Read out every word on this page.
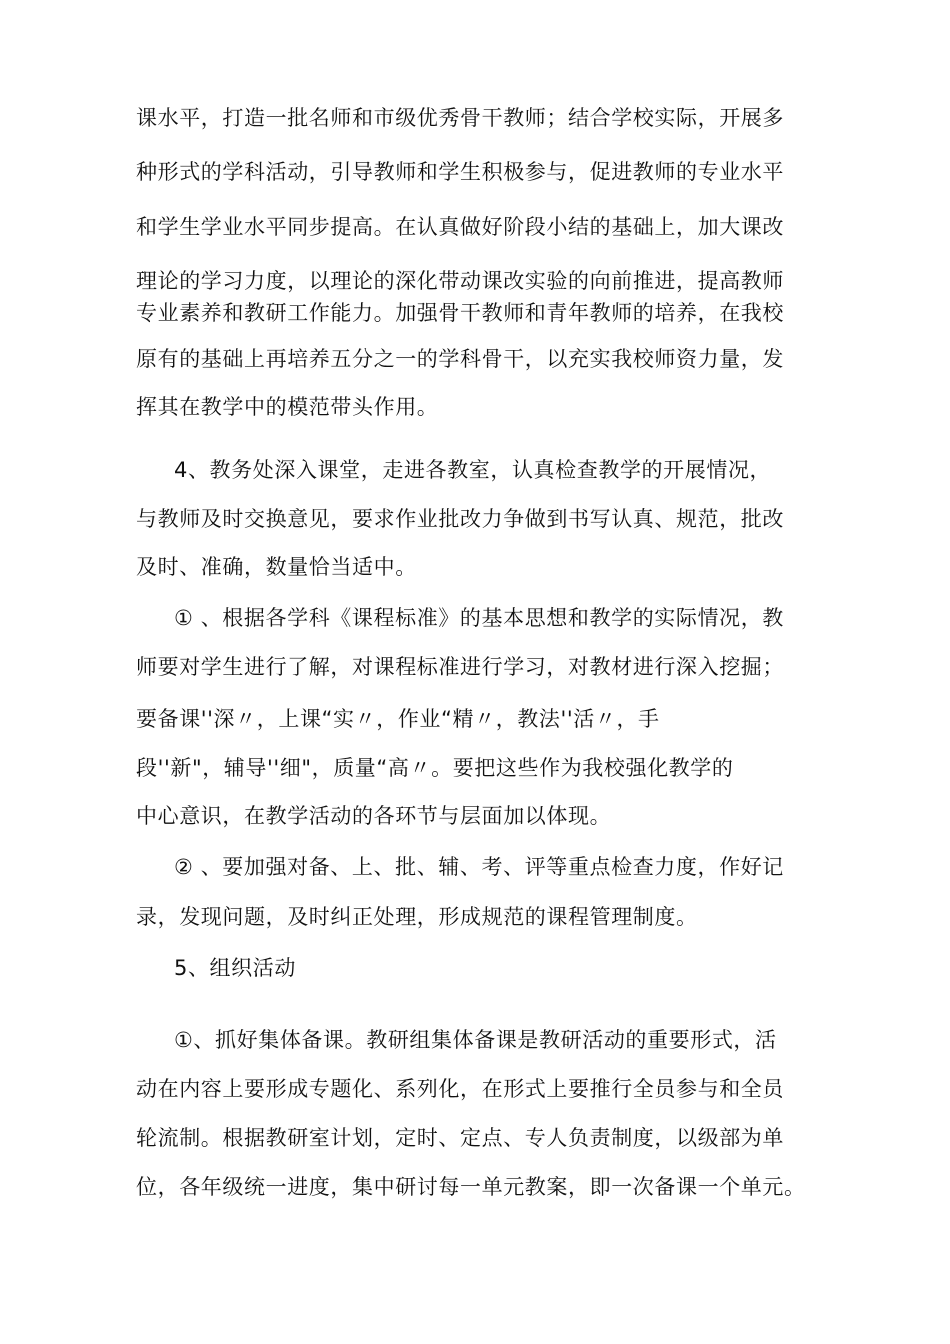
课水平，打造一批名师和市级优秀骨干教师；结合学校实际，开展多
种形式的学科活动，引导教师和学生积极参与，促进教师的专业水平
和学生学业水平同步提高。在认真做好阶段小结的基础上，加大课改
理论的学习力度，以理论的深化带动课改实验的向前推进，提高教师
专业素养和教研工作能力。加强骨干教师和青年教师的培养，在我校
原有的基础上再培养五分之一的学科骨干，以充实我校师资力量，发
挥其在教学中的模范带头作用。
4、教务处深入课堂，走进各教室，认真检查教学的开展情况，
与教师及时交换意见，要求作业批改力争做到书写认真、规范，批改
及时、准确，数量恰当适中。
① 、根据各学科《课程标准》的基本思想和教学的实际情况，教
师要对学生进行了解，对课程标准进行学习，对教材进行深入挖掘；
要备课''深〃，上课“实〃，作业“精〃，教法''活〃，手
段''新"，辅导''细"，质量“高〃。要把这些作为我校强化教学的
中心意识，在教学活动的各环节与层面加以体现。
② 、要加强对备、上、批、辅、考、评等重点检查力度，作好记
录，发现问题，及时纠正处理，形成规范的课程管理制度。
5、组织活动
①、抓好集体备课。教研组集体备课是教研活动的重要形式，活
动在内容上要形成专题化、系列化，在形式上要推行全员参与和全员
轮流制。根据教研室计划，定时、定点、专人负责制度，以级部为单
位，各年级统一进度，集中研讨每一单元教案，即一次备课一个单元。
